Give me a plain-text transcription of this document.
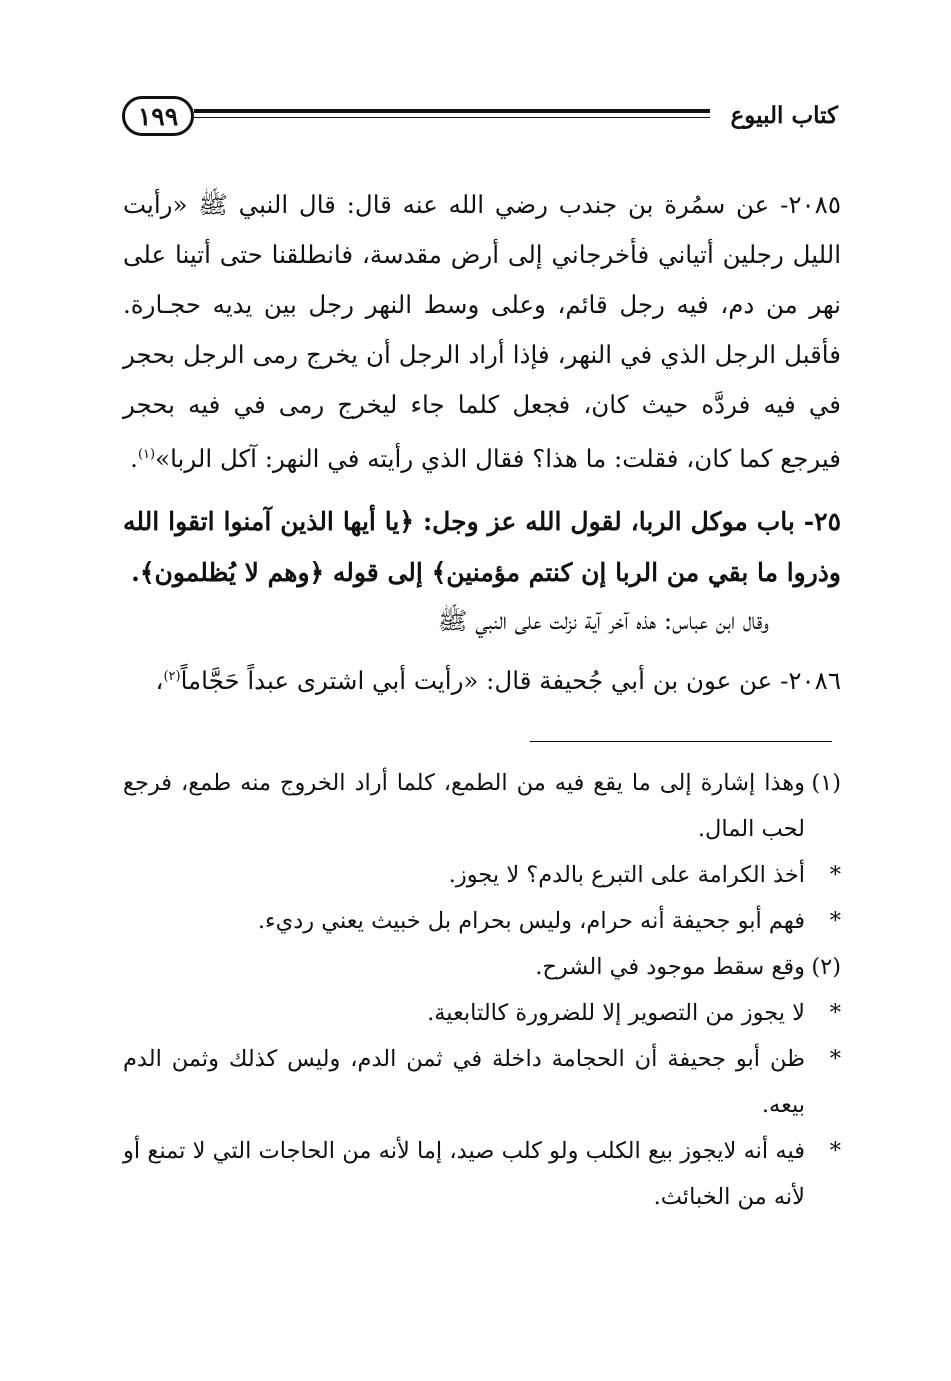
كتاب البيوع
١٩٩

٢٠٨٥- عن سمُرة بن جندب رضي الله عنه قال: قال النبي ﷺ «رأيت الليل رجلين أتياني فأخرجاني إلى أرض مقدسة، فانطلقنا حتى أتينا على نهر من دم، فيه رجل قائم، وعلى وسط النهر رجل بين يديه حجـارة. فأقبل الرجل الذي في النهر، فإذا أراد الرجل أن يخرج رمى الرجل بحجر في فيه فردَّه حيث كان، فجعل كلما جاء ليخرج رمى في فيه بحجر فيرجع كما كان، فقلت: ما هذا؟ فقال الذي رأيته في النهر: آكل الربا»$^{(١)}$.

٢٥- باب موكل الربا، لقول الله عز وجل: ﴿يا أيها الذين آمنوا اتقوا الله وذروا ما بقي من الربا إن كنتم مؤمنين﴾ إلى قوله ﴿وهم لا يُظلمون﴾.

وقال ابن عباس: هذه آخر آية نزلت على النبي ﷺ

٢٠٨٦- عن عون بن أبي جُحيفة قال: «رأيت أبي اشترى عبداً حَجَّاماً$^{(٢)}$،

(١)وهذا إشارة إلى ما يقع فيه من الطمع، كلما أراد الخروج منه طمع، فرجع لحب المال.

*أخذ الكرامة على التبرع بالدم؟ لا يجوز.

*فهم أبو جحيفة أنه حرام، وليس بحرام بل خبيث يعني رديء.

(٢)وقع سقط موجود في الشرح.

*لا يجوز من التصوير إلا للضرورة كالتابعية.

*ظن أبو جحيفة أن الحجامة داخلة في ثمن الدم، وليس كذلك وثمن الدم بيعه.

*فيه أنه لايجوز بيع الكلب ولو كلب صيد، إما لأنه من الحاجات التي لا تمنع أو لأنه من الخبائث.
